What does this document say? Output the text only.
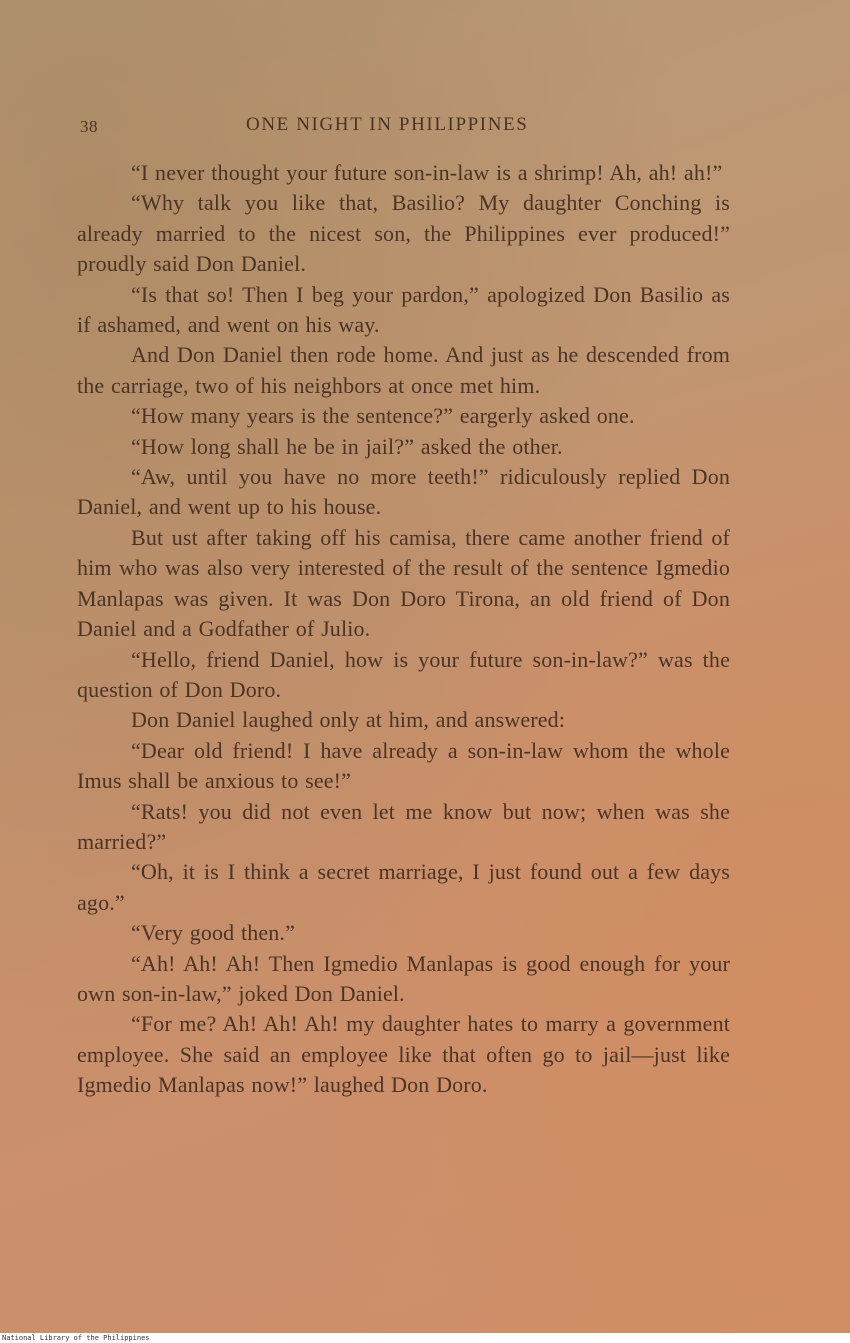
38	ONE NIGHT IN PHILIPPINES

“I never thought your future son-in-law is a shrimp! Ah, ah! ah!”

“Why talk you like that, Basilio? My daughter Conching is already married to the nicest son, the Philippines ever produced!” proudly said Don Daniel.

“Is that so! Then I beg your pardon,” apologized Don Basilio as if ashamed, and went on his way.

And Don Daniel then rode home. And just as he descended from the carriage, two of his neighbors at once met him.

“How many years is the sentence?” eargerly asked one.

“How long shall he be in jail?” asked the other.

“Aw, until you have no more teeth!” ridiculously replied Don Daniel, and went up to his house.

But ust after taking off his camisa, there came another friend of him who was also very interested of the result of the sentence Igmedio Manlapas was given. It was Don Doro Tirona, an old friend of Don Daniel and a Godfather of Julio.

“Hello, friend Daniel, how is your future son-in-law?” was the question of Don Doro.

Don Daniel laughed only at him, and answered:

“Dear old friend! I have already a son-in-law whom the whole Imus shall be anxious to see!”

“Rats! you did not even let me know but now; when was she married?”

“Oh, it is I think a secret marriage, I just found out a few days ago.”

“Very good then.”

“Ah! Ah! Ah! Then Igmedio Manlapas is good enough for your own son-in-law,” joked Don Daniel.

“For me? Ah! Ah! Ah! my daughter hates to marry a government employee. She said an employee like that often go to jail—just like Igmedio Manlapas now!” laughed Don Doro.

National Library of the Philippines
